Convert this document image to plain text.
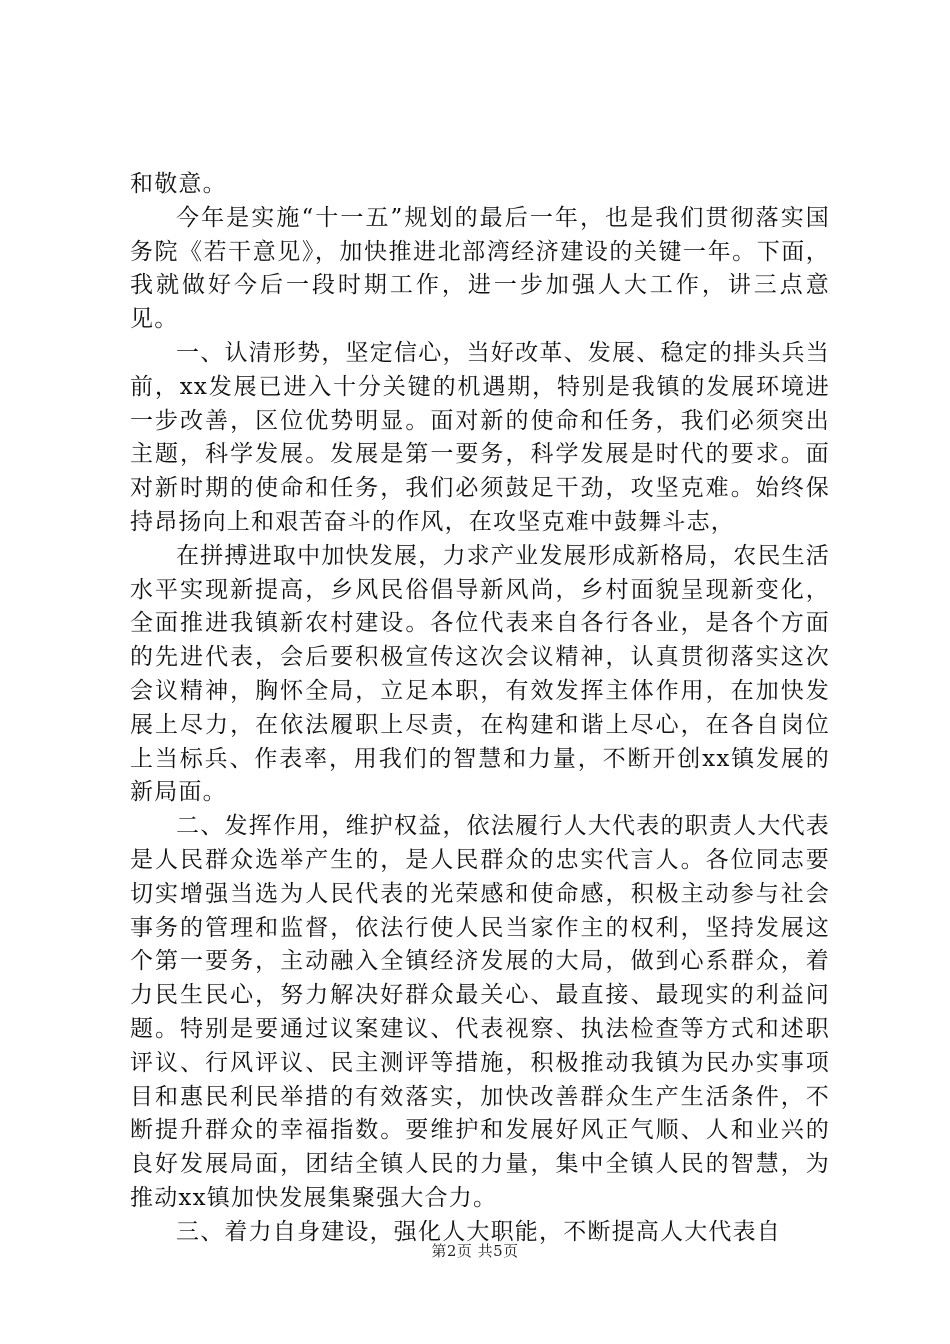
和敬意。

今年是实施“十一五”规划的最后一年，也是我们贯彻落实国务院《若干意见》，加快推进北部湾经济建设的关键一年。下面，我就做好今后一段时期工作，进一步加强人大工作，讲三点意见。

一、认清形势，坚定信心，当好改革、发展、稳定的排头兵当前，xx发展已进入十分关键的机遇期，特别是我镇的发展环境进一步改善，区位优势明显。面对新的使命和任务，我们必须突出主题，科学发展。发展是第一要务，科学发展是时代的要求。面对新时期的使命和任务，我们必须鼓足干劲，攻坚克难。始终保持昂扬向上和艰苦奋斗的作风，在攻坚克难中鼓舞斗志，

在拼搏进取中加快发展，力求产业发展形成新格局，农民生活水平实现新提高，乡风民俗倡导新风尚，乡村面貌呈现新变化，全面推进我镇新农村建设。各位代表来自各行各业，是各个方面的先进代表，会后要积极宣传这次会议精神，认真贯彻落实这次会议精神，胸怀全局，立足本职，有效发挥主体作用，在加快发展上尽力，在依法履职上尽责，在构建和谐上尽心，在各自岗位上当标兵、作表率，用我们的智慧和力量，不断开创xx镇发展的新局面。

二、发挥作用，维护权益，依法履行人大代表的职责人大代表是人民群众选举产生的，是人民群众的忠实代言人。各位同志要切实增强当选为人民代表的光荣感和使命感，积极主动参与社会事务的管理和监督，依法行使人民当家作主的权利，坚持发展这个第一要务，主动融入全镇经济发展的大局，做到心系群众，着力民生民心，努力解决好群众最关心、最直接、最现实的利益问题。特别是要通过议案建议、代表视察、执法检查等方式和述职评议、行风评议、民主测评等措施，积极推动我镇为民办实事项目和惠民利民举措的有效落实，加快改善群众生产生活条件，不断提升群众的幸福指数。要维护和发展好风正气顺、人和业兴的良好发展局面，团结全镇人民的力量，集中全镇人民的智慧，为推动xx镇加快发展集聚强大合力。

三、着力自身建设，强化人大职能，不断提高人大代表自

第2页 共5页
